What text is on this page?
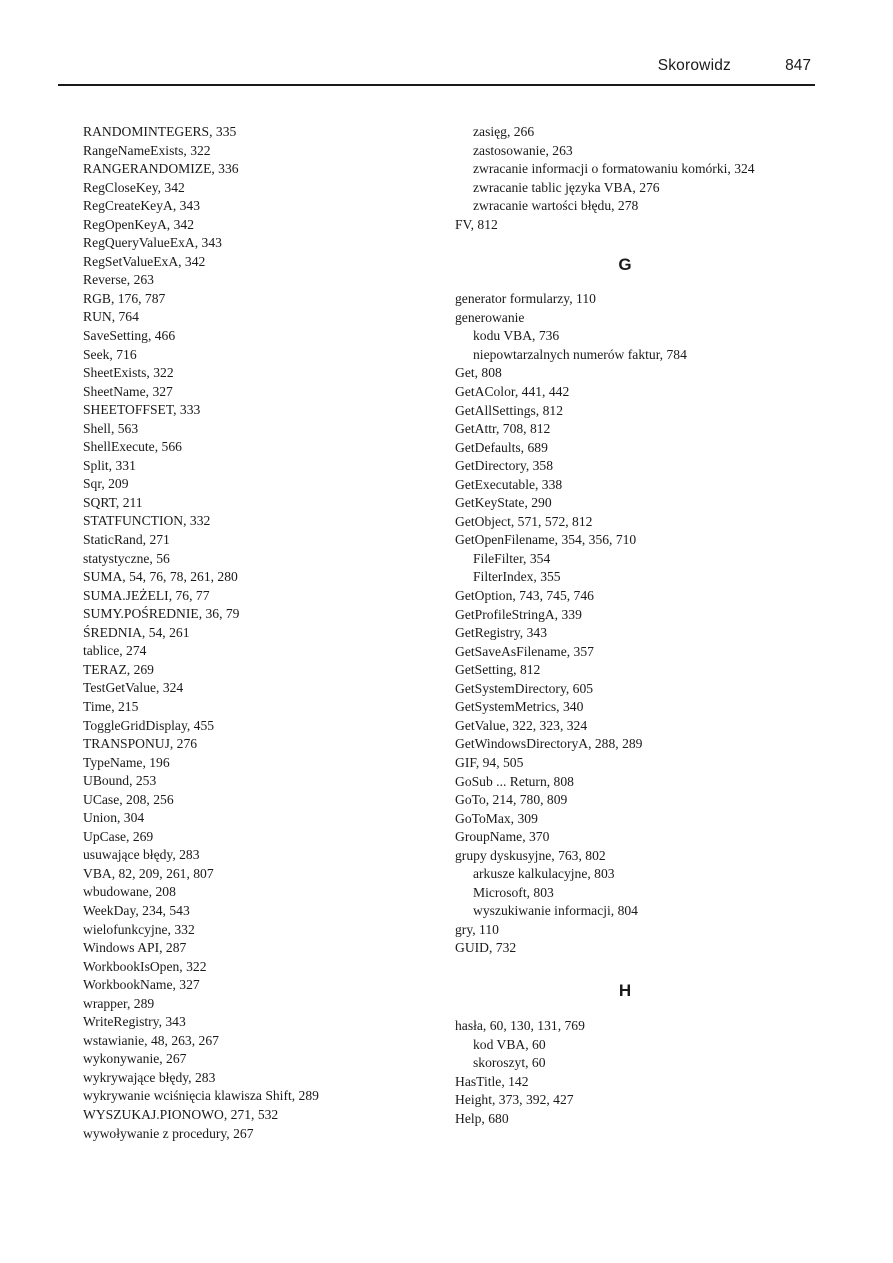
Skorowidz	847
RANDOMINTEGERS, 335
RangeNameExists, 322
RANGERANDOMIZE, 336
RegCloseKey, 342
RegCreateKeyA, 343
RegOpenKeyA, 342
RegQueryValueExA, 343
RegSetValueExA, 342
Reverse, 263
RGB, 176, 787
RUN, 764
SaveSetting, 466
Seek, 716
SheetExists, 322
SheetName, 327
SHEETOFFSET, 333
Shell, 563
ShellExecute, 566
Split, 331
Sqr, 209
SQRT, 211
STATFUNCTION, 332
StaticRand, 271
statystyczne, 56
SUMA, 54, 76, 78, 261, 280
SUMA.JEŻELI, 76, 77
SUMY.POŚREDNIE, 36, 79
ŚREDNIA, 54, 261
tablice, 274
TERAZ, 269
TestGetValue, 324
Time, 215
ToggleGridDisplay, 455
TRANSPONUJ, 276
TypeName, 196
UBound, 253
UCase, 208, 256
Union, 304
UpCase, 269
usuwające błędy, 283
VBA, 82, 209, 261, 807
wbudowane, 208
WeekDay, 234, 543
wielofunkcyjne, 332
Windows API, 287
WorkbookIsOpen, 322
WorkbookName, 327
wrapper, 289
WriteRegistry, 343
wstawianie, 48, 263, 267
wykonywanie, 267
wykrywające błędy, 283
wykrywanie wciśnięcia klawisza Shift, 289
WYSZUKAJ.PIONOWO, 271, 532
wywoływanie z procedury, 267
zasięg, 266
zastosowanie, 263
zwracanie informacji o formatowaniu komórki, 324
zwracanie tablic języka VBA, 276
zwracanie wartości błędu, 278
FV, 812
G
generator formularzy, 110
generowanie
kodu VBA, 736
niepowtarzalnych numerów faktur, 784
Get, 808
GetAColor, 441, 442
GetAllSettings, 812
GetAttr, 708, 812
GetDefaults, 689
GetDirectory, 358
GetExecutable, 338
GetKeyState, 290
GetObject, 571, 572, 812
GetOpenFilename, 354, 356, 710
FileFilter, 354
FilterIndex, 355
GetOption, 743, 745, 746
GetProfileStringA, 339
GetRegistry, 343
GetSaveAsFilename, 357
GetSetting, 812
GetSystemDirectory, 605
GetSystemMetrics, 340
GetValue, 322, 323, 324
GetWindowsDirectoryA, 288, 289
GIF, 94, 505
GoSub ... Return, 808
GoTo, 214, 780, 809
GoToMax, 309
GroupName, 370
grupy dyskusyjne, 763, 802
arkusze kalkulacyjne, 803
Microsoft, 803
wyszukiwanie informacji, 804
gry, 110
GUID, 732
H
hasła, 60, 130, 131, 769
kod VBA, 60
skoroszyt, 60
HasTitle, 142
Height, 373, 392, 427
Help, 680
